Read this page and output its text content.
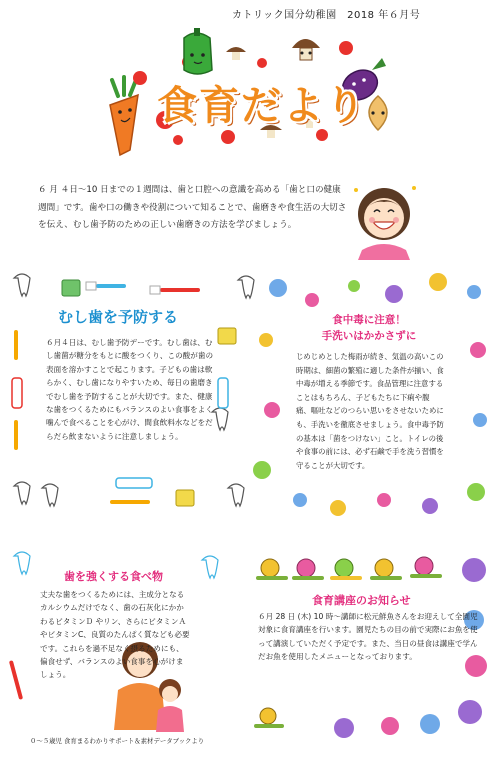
カトリック国分幼稚園　2018 年６月号
食育だより
６ 月 ４日～10 日までの１週間は、歯と口腔への意識を高める「歯と口の健康週間」です。歯や口の働きや役割について知ることで、歯磨きや食生活の大切さを伝え、むし歯予防のための正しい歯磨きの方法を学びましょう。
むし歯を予防する
６月４日は、むし歯予防デーです。むし歯は、むし歯菌が糖分をもとに酸をつくり、この酸が歯の表面を溶かすことで起こります。子どもの歯は軟らかく、むし歯になりやすいため、毎日の歯磨きでむし歯を予防することが大切です。また、健康な歯をつくるためにもバランスのよい食事をよく噛んで食べることを心がけ、間食飲料水などをだらだら飲まないように注意しましょう。
食中毒に注意！
手洗いはかかさずに
じめじめとした梅雨が続き、気温の高いこの時期は、細菌の繁殖に適した条件が揃い、食中毒が増える季節です。食品管理に注意することはもちろん、子どもたちに下痢や腹痛、嘔吐などのつらい思いをさせないためにも、手洗いを徹底させましょう。食中毒予防の基本は「菌をつけない」こと。トイレの後や食事の前には、必ず石鹸で手を洗う習慣を守ることが大切です。
歯を強くする食べ物
丈夫な歯をつくるためには、主成分となるカルシウムだけでなく、歯の石灰化にかかわるビタミンＤ やリン、さらにビタミンＡ やビタミンC、良質のたんぱく質なども必要です。これらを過不足なく摂るためにも、偏食せず、バランスのよい食事を心がけましょう。
食育講座のお知らせ
６月 28 日 (木) 10 時～講師に松元鮮魚さんをお迎えして全園児対象に食育講座を行います。園児たちの目の前で実際にお魚を使って講演していただく予定です。また、当日の昼食は講座で学んだお魚を使用したメニューとなっております。
０～５歳児 食育まるわかりサポート＆素材データブックより
